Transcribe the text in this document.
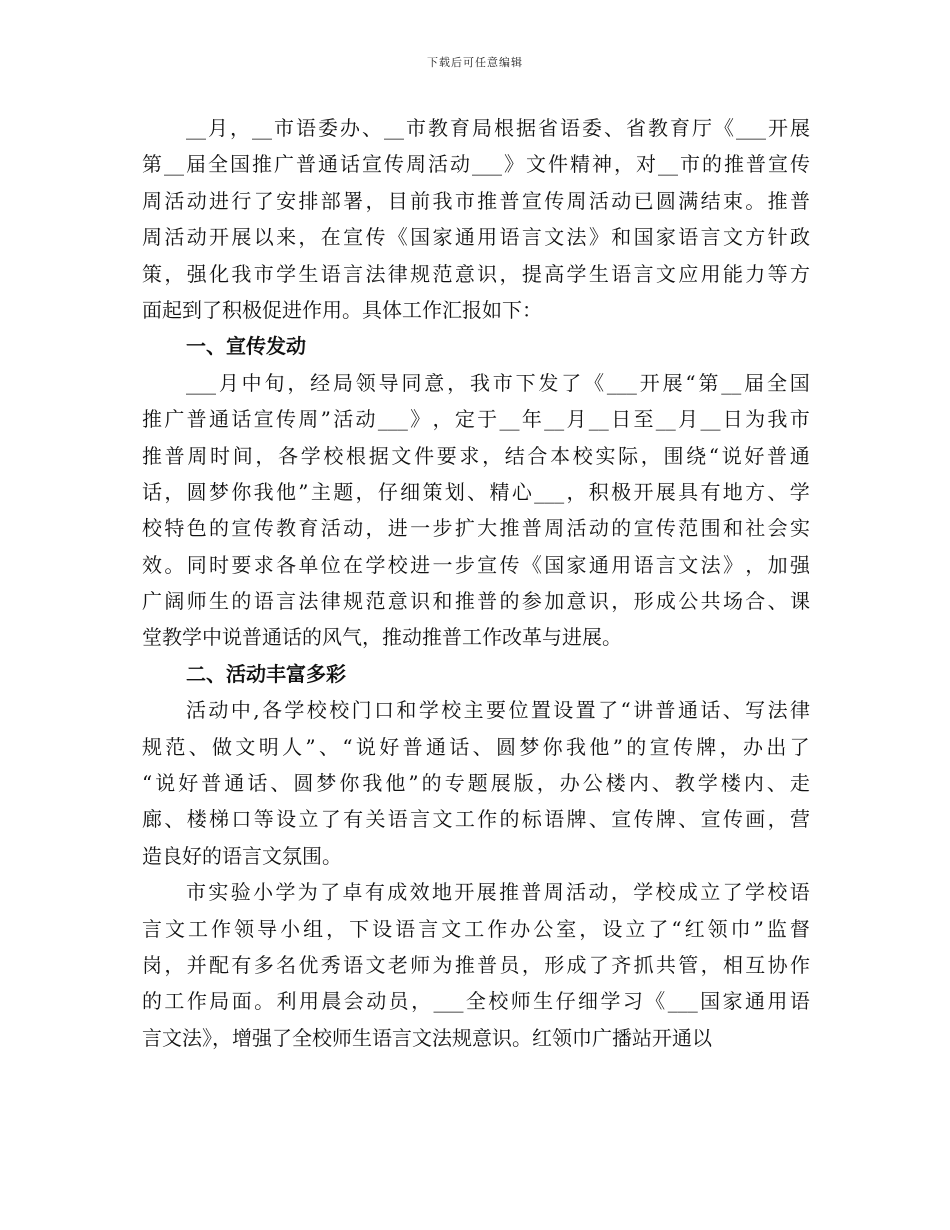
下载后可任意编辑
__ 月 ， __ 市 语 委 办 、 __ 市 教 育 局 根 据 省 语 委 、 省 教 育 厅 《 ___ 开 展
第 __ 届 全 国 推 广 普 通 话 宣 传 周 活 动 ___ 》 文 件 精 神 ， 对 __ 市 的 推 普 宣 传
周 活 动 进 行 了 安 排 部 署 ， 目 前 我 市 推 普 宣 传 周 活 动 已 圆 满 结 束 。 推 普
周 活 动 开 展 以 来 ， 在 宣 传 《 国 家 通 用 语 言 文 法 》 和 国 家 语 言 文 方 针 政
策 ， 强 化 我 市 学 生 语 言 法 律 规 范 意 识 ， 提 高 学 生 语 言 文 应 用 能 力 等 方
面起到了积极促进作用。具体工作汇报如下：
一、宣传发动
___ 月 中 旬 ， 经 局 领 导 同 意 ， 我 市 下 发 了 《 ___ 开 展 “ 第 __ 届 全 国
推 广 普 通 话 宣 传 周 ” 活 动 ___ 》 ， 定 于 __ 年 __ 月 __ 日 至 __ 月 __ 日 为 我 市
推 普 周 时 间 ， 各 学 校 根 据 文 件 要 求 ， 结 合 本 校 实 际 ， 围 绕 “ 说 好 普 通
话 ， 圆 梦 你 我 他 ” 主 题 ， 仔 细 策 划 、 精 心 ___ ， 积 极 开 展 具 有 地 方 、 学
校 特 色 的 宣 传 教 育 活 动 ， 进 一 步 扩 大 推 普 周 活 动 的 宣 传 范 围 和 社 会 实
效 。 同 时 要 求 各 单 位 在 学 校 进 一 步 宣 传 《 国 家 通 用 语 言 文 法 》 ， 加 强
广 阔 师 生 的 语 言 法 律 规 范 意 识 和 推 普 的 参 加 意 识 ， 形 成 公 共 场 合 、 课
堂教学中说普通话的风气，推动推普工作改革与进展。
二、活动丰富多彩
活 动 中 , 各 学 校 校 门 口 和 学 校 主 要 位 置 设 置 了 “ 讲 普 通 话 、 写 法 律
规 范 、 做 文 明 人 ” 、 “ 说 好 普 通 话 、 圆 梦 你 我 他 ” 的 宣 传 牌 ， 办 出 了
“ 说 好 普 通 话 、 圆 梦 你 我 他 ” 的 专 题 展 版 ， 办 公 楼 内 、 教 学 楼 内 、 走
廊 、 楼 梯 口 等 设 立 了 有 关 语 言 文 工 作 的 标 语 牌 、 宣 传 牌 、 宣 传 画 ， 营
造良好的语言文氛围。
市 实 验 小 学 为 了 卓 有 成 效 地 开 展 推 普 周 活 动 ， 学 校 成 立 了 学 校 语
言 文 工 作 领 导 小 组 ， 下 设 语 言 文 工 作 办 公 室 ， 设 立 了 “ 红 领 巾 ” 监 督
岗 ， 并 配 有 多 名 优 秀 语 文 老 师 为 推 普 员 ， 形 成 了 齐 抓 共 管 ， 相 互 协 作
的 工 作 局 面 。 利 用 晨 会 动 员 ， ___ 全 校 师 生 仔 细 学 习 《 ___ 国 家 通 用 语
言文法》，增强了全校师生语言文法规意识。红领巾广播站开通以
